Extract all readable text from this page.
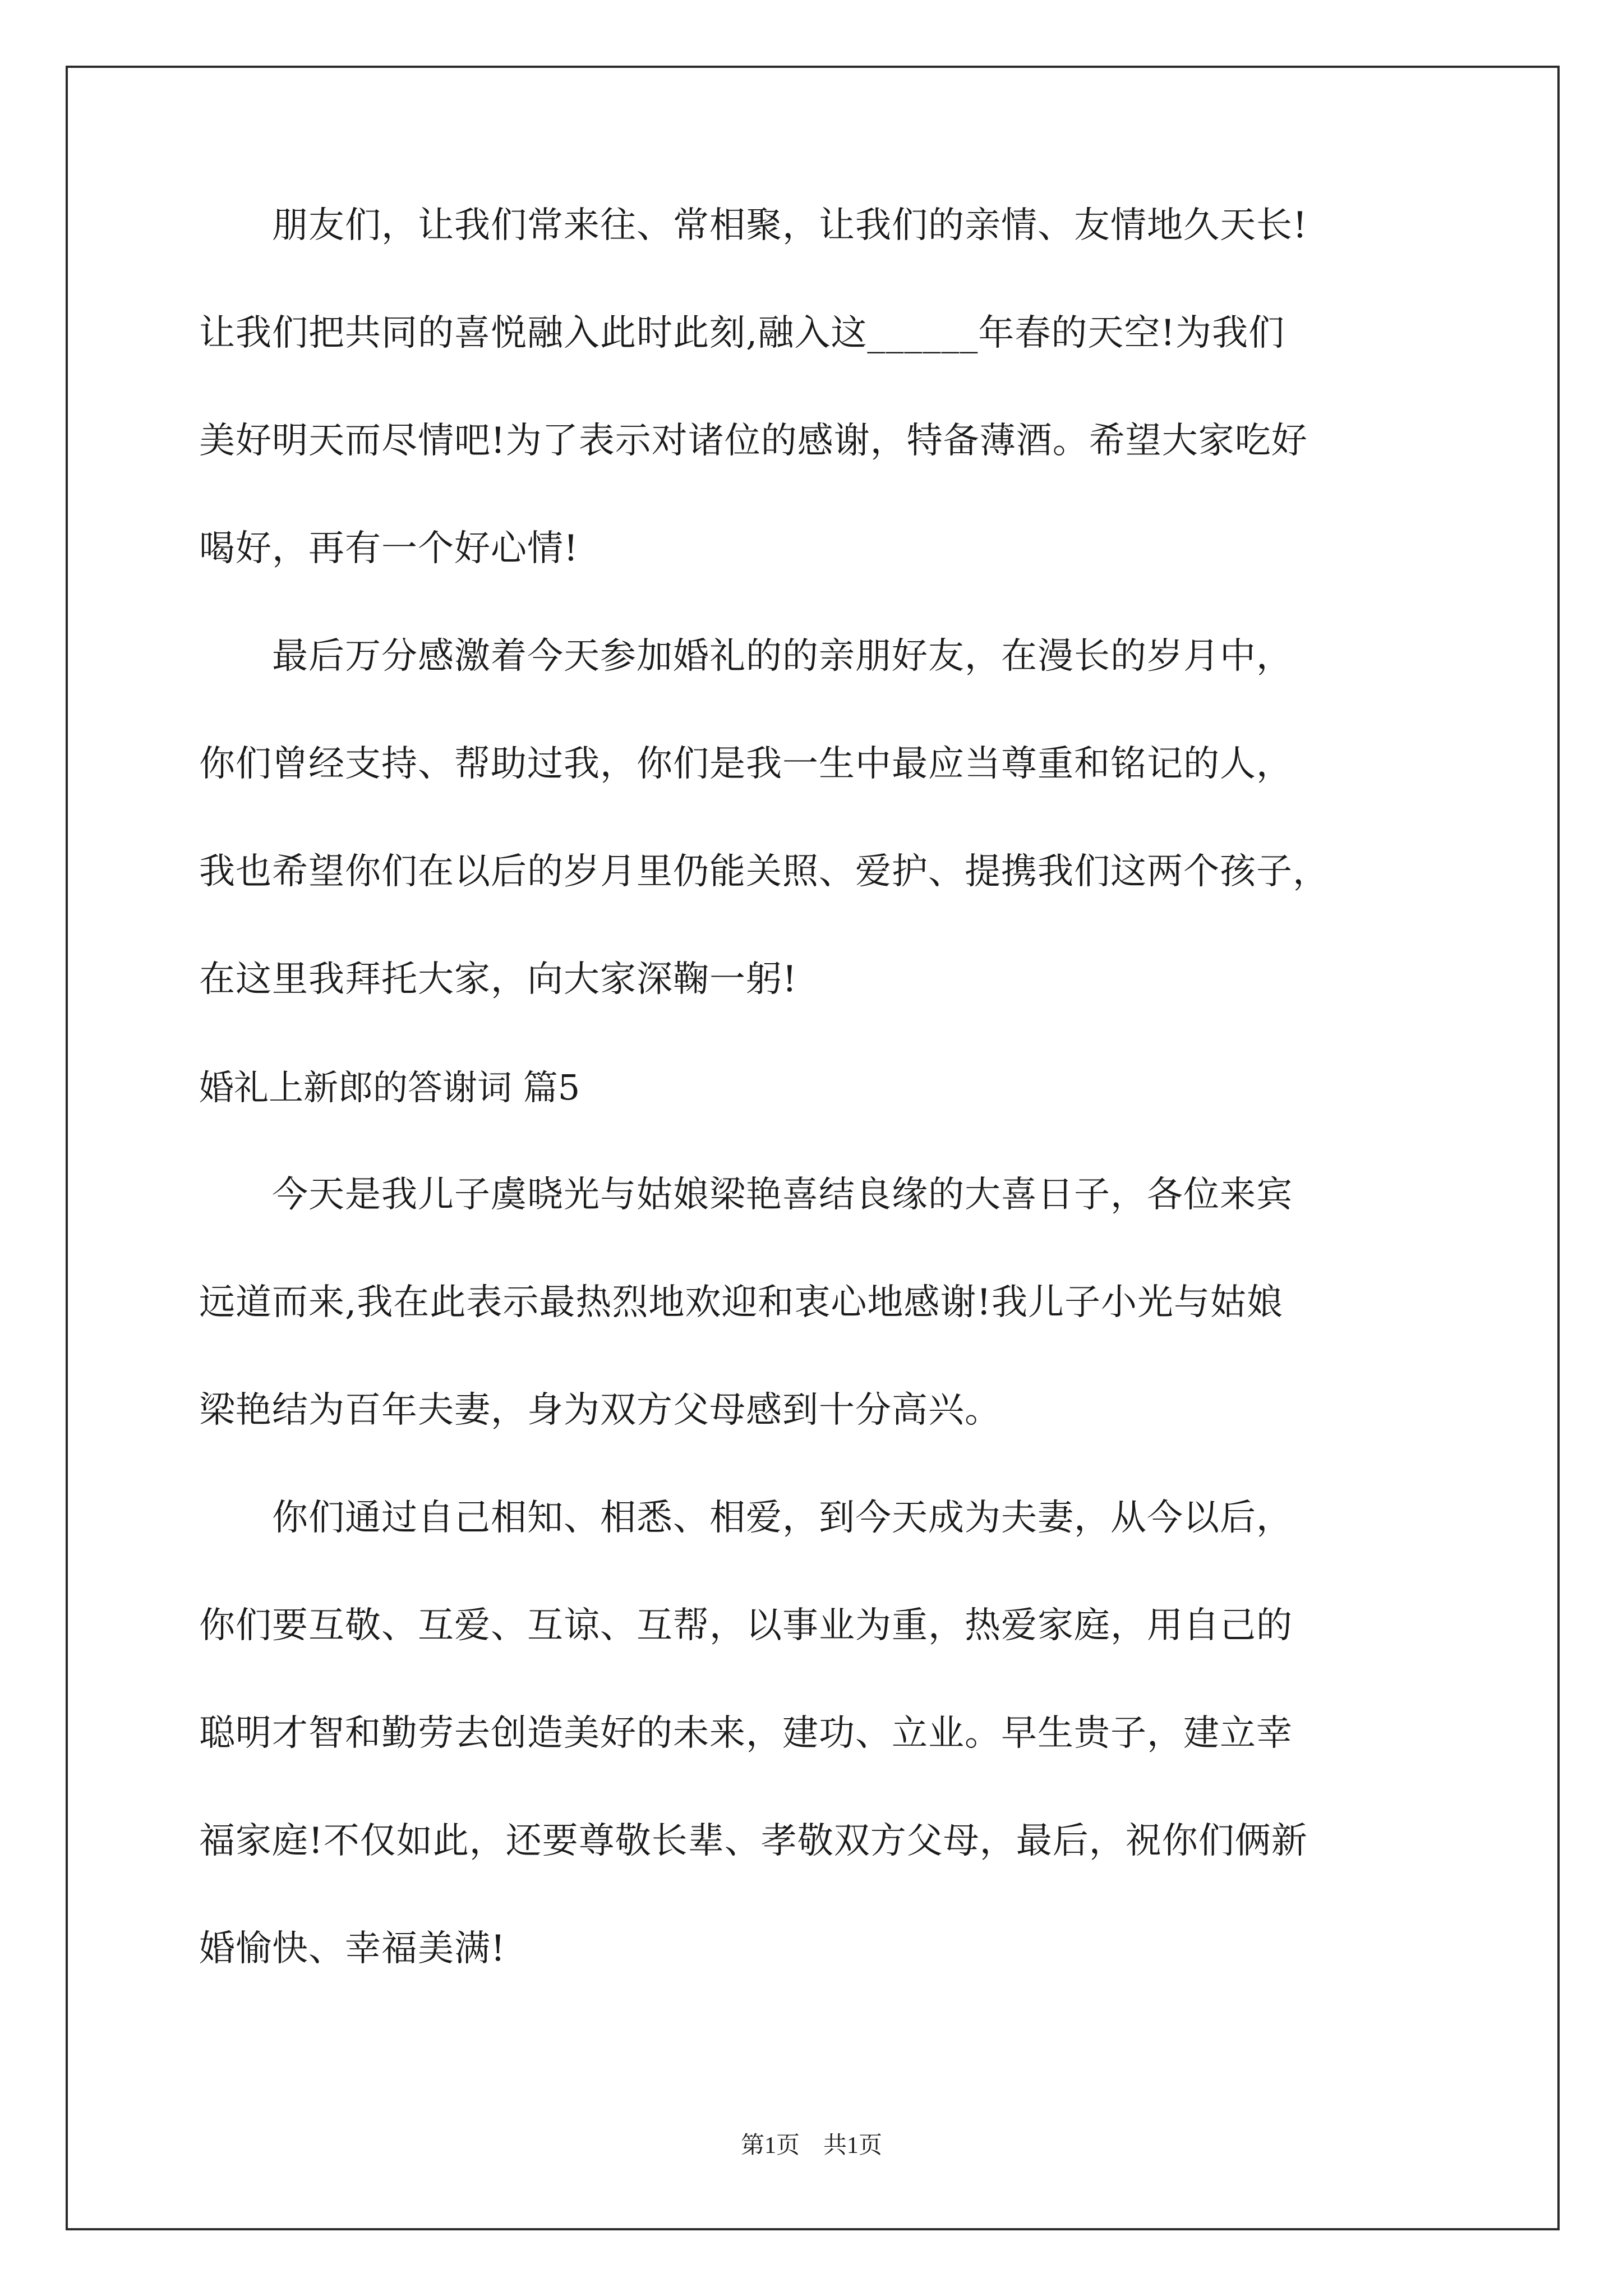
朋友们，让我们常来往、常相聚，让我们的亲情、友情地久天长!
让我们把共同的喜悦融入此时此刻,融入这______年春的天空!为我们
美好明天而尽情吧!为了表示对诸位的感谢，特备薄酒。希望大家吃好
喝好，再有一个好心情!
最后万分感激着今天参加婚礼的的亲朋好友，在漫长的岁月中，
你们曾经支持、帮助过我，你们是我一生中最应当尊重和铭记的人，
我也希望你们在以后的岁月里仍能关照、爱护、提携我们这两个孩子，
在这里我拜托大家，向大家深鞠一躬!
婚礼上新郎的答谢词 篇5
今天是我儿子虞晓光与姑娘梁艳喜结良缘的大喜日子，各位来宾
远道而来,我在此表示最热烈地欢迎和衷心地感谢!我儿子小光与姑娘
梁艳结为百年夫妻，身为双方父母感到十分高兴。
你们通过自己相知、相悉、相爱，到今天成为夫妻，从今以后，
你们要互敬、互爱、互谅、互帮，以事业为重，热爱家庭，用自己的
聪明才智和勤劳去创造美好的未来，建功、立业。早生贵子，建立幸
福家庭!不仅如此，还要尊敬长辈、孝敬双方父母，最后，祝你们俩新
婚愉快、幸福美满!
第1页　共1页
